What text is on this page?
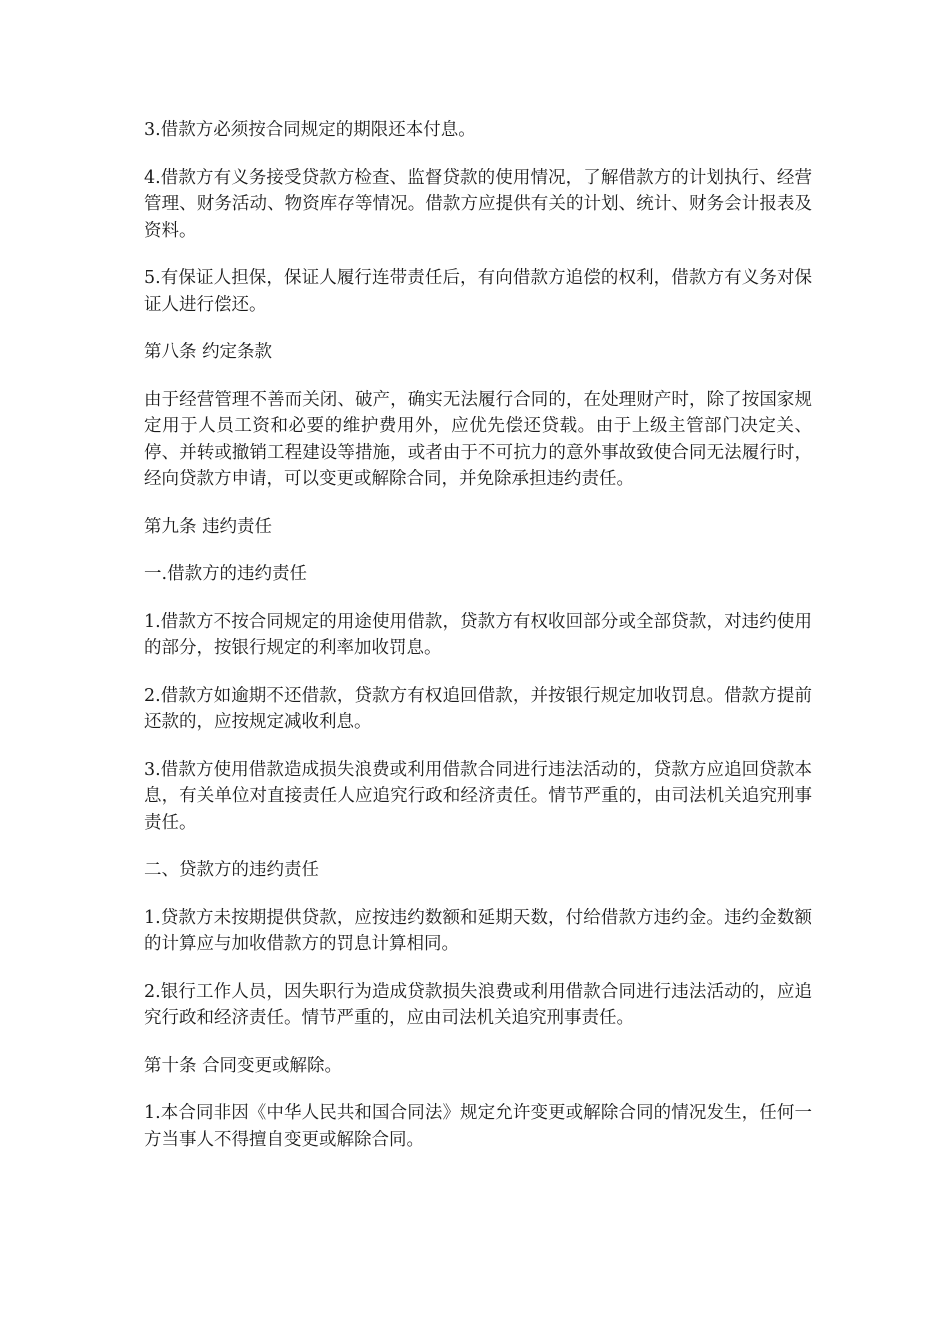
3.借款方必须按合同规定的期限还本付息。

4.借款方有义务接受贷款方检查、监督贷款的使用情况，了解借款方的计划执行、经营管理、财务活动、物资库存等情况。借款方应提供有关的计划、统计、财务会计报表及资料。

5.有保证人担保，保证人履行连带责任后，有向借款方追偿的权利，借款方有义务对保证人进行偿还。

第八条 约定条款

由于经营管理不善而关闭、破产，确实无法履行合同的，在处理财产时，除了按国家规定用于人员工资和必要的维护费用外，应优先偿还贷载。由于上级主管部门决定关、停、并转或撤销工程建设等措施，或者由于不可抗力的意外事故致使合同无法履行时，经向贷款方申请，可以变更或解除合同，并免除承担违约责任。

第九条 违约责任

一.借款方的违约责任

1.借款方不按合同规定的用途使用借款，贷款方有权收回部分或全部贷款，对违约使用的部分，按银行规定的利率加收罚息。

2.借款方如逾期不还借款，贷款方有权追回借款，并按银行规定加收罚息。借款方提前还款的，应按规定减收利息。

3.借款方使用借款造成损失浪费或利用借款合同进行违法活动的，贷款方应追回贷款本息，有关单位对直接责任人应追究行政和经济责任。情节严重的，由司法机关追究刑事责任。

二、贷款方的违约责任

1.贷款方未按期提供贷款，应按违约数额和延期天数，付给借款方违约金。违约金数额的计算应与加收借款方的罚息计算相同。

2.银行工作人员，因失职行为造成贷款损失浪费或利用借款合同进行违法活动的，应追究行政和经济责任。情节严重的，应由司法机关追究刑事责任。

第十条 合同变更或解除。

1.本合同非因《中华人民共和国合同法》规定允许变更或解除合同的情况发生，任何一方当事人不得擅自变更或解除合同。
